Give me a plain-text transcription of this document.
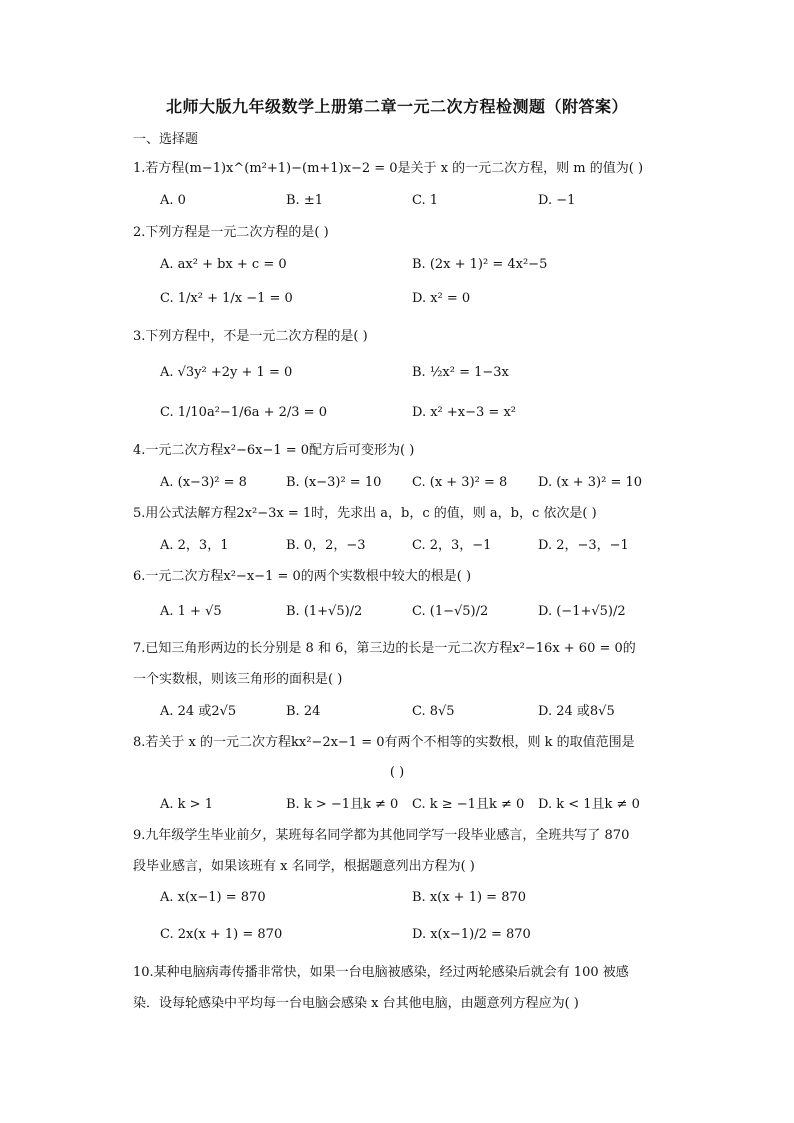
北师大版九年级数学上册第二章一元二次方程检测题（附答案）
一、选择题
1.若方程(m−1)x^(m²+1)−(m+1)x−2 = 0是关于 x 的一元二次方程，则 m 的值为( )
A. 0	B. ±1	C. 1	D. −1
2.下列方程是一元二次方程的是( )
A. ax² + bx + c = 0	B. (2x + 1)² = 4x²−5
C. 1/x² + 1/x −1 = 0	D. x² = 0
3.下列方程中，不是一元二次方程的是( )
A. √3y² +2y + 1 = 0	B. ½x² = 1−3x
C. 1/10a²−1/6a + 2/3 = 0	D. x² +x−3 = x²
4.一元二次方程x²−6x−1 = 0配方后可变形为( )
A. (x−3)² = 8	B. (x−3)² = 10 C. (x + 3)² = 8 D. (x + 3)² = 10
5.用公式法解方程2x²−3x = 1时，先求出 a，b，c 的值，则 a，b，c 依次是( )
A. 2，3，1	B. 0，2，−3	C. 2，3，−1	D. 2，−3，−1
6.一元二次方程x²−x−1 = 0的两个实数根中较大的根是( )
A. 1 + √5	B. (1+√5)/2	C. (1−√5)/2	D. (−1+√5)/2
7.已知三角形两边的长分别是 8 和 6，第三边的长是一元二次方程x²−16x + 60 = 0的
一个实数根，则该三角形的面积是( )
A. 24 或2√5	B. 24	C. 8√5	D. 24 或8√5
8.若关于 x 的一元二次方程kx²−2x−1 = 0有两个不相等的实数根，则 k 的取值范围是
( )
A. k > 1	B. k > −1且k ≠ 0 C. k ≥ −1且k ≠ 0 D. k < 1且k ≠ 0
9.九年级学生毕业前夕，某班每名同学都为其他同学写一段毕业感言，全班共写了 870
段毕业感言，如果该班有 x 名同学，根据题意列出方程为( )
A. x(x−1) = 870	B. x(x + 1) = 870
C. 2x(x + 1) = 870	D. x(x−1)/2 = 870
10.某种电脑病毒传播非常快，如果一台电脑被感染，经过两轮感染后就会有 100 被感
染．设每轮感染中平均每一台电脑会感染 x 台其他电脑，由题意列方程应为( )
